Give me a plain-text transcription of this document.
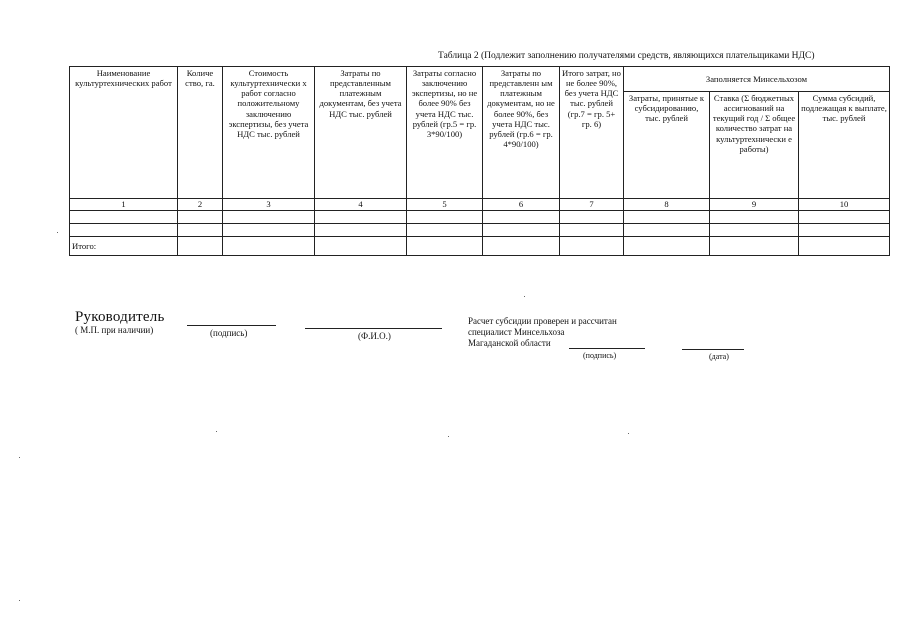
Таблица 2 (Подлежит заполнению получателями средств, являющихся плательщиками НДС)
Наименование культуртехнических работ	Количе ство, га.	Стоимость культуртехнически х работ согласно положительному заключению экспертизы, без учета НДС тыс. рублей	Затраты по представленным платежным документам, без учета НДС тыс. рублей	Затраты согласно заключению экспертизы, но не более 90% без учета НДС тыс. рублей (гр.5 = гр. 3*90/100)	Затраты по представленн ым платежным документам, но не более 90%, без учета НДС тыс. рублей (гр.6 = гр. 4*90/100)	Итого затрат, но не более 90%, без учета НДС тыс. рублей (гр.7 = гр. 5+ гр. 6)	Заполняется Минсельхозом		
							Затраты, принятые к субсидированию, тыс. рублей	Ставка (Σ бюджетных ассигнований на текущий год / Σ общее количество затрат на культуртехнически е работы)	Сумма субсидий, подлежащая к выплате, тыс. рублей
1	2	3	4	5	6	7	8	9	10

Итого:									
Руководитель
( М.П. при наличии)	(подпись)	(Ф.И.О.)
Расчет субсидии проверен и рассчитан
специалист Минсельхоза
Магаданской области
(подпись)	(дата)
